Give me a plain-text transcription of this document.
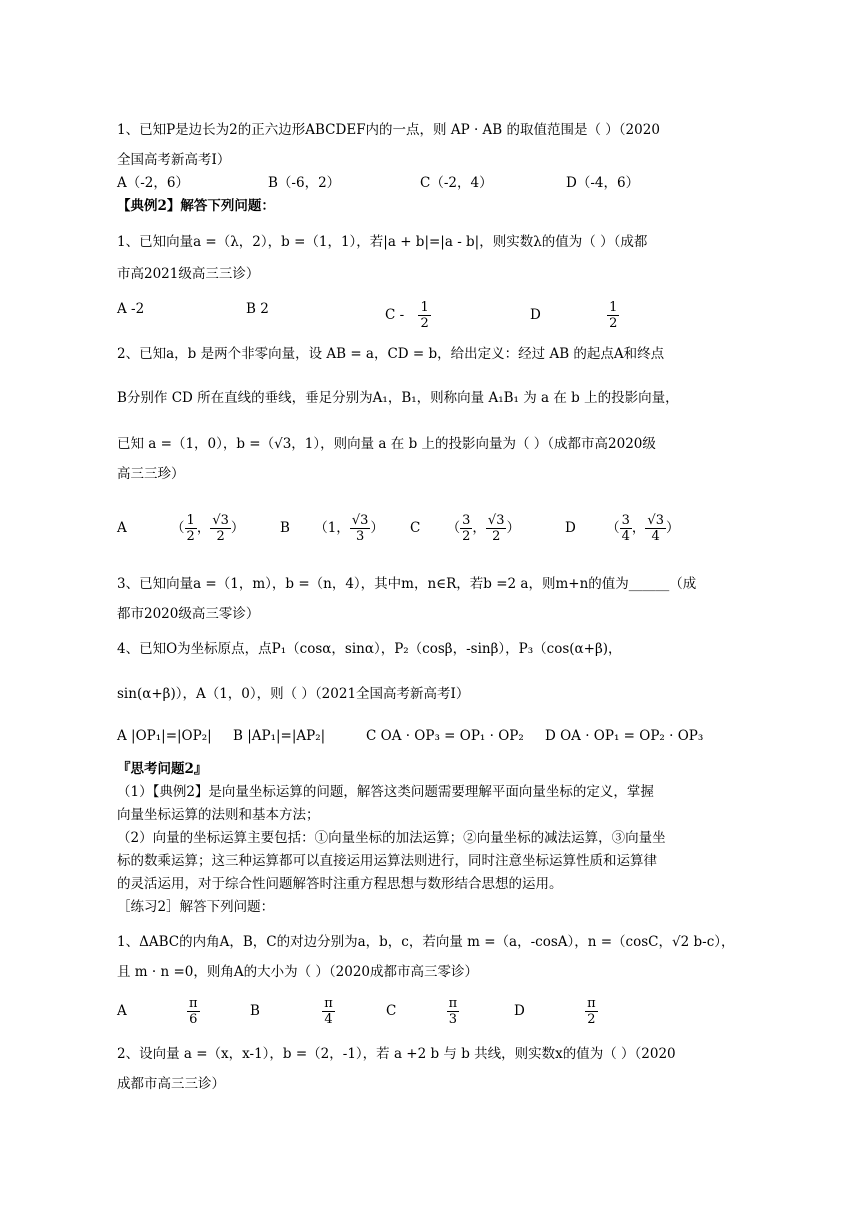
1、已知P是边长为2的正六边形ABCDEF内的一点，则 AP · AB 的取值范围是（ ）（2020
全国高考新高考I）
A（-2，6）	B（-6，2）	C（-2，4）	D（-4，6）
【典例2】解答下列问题：
1、已知向量a =（λ，2），b =（1，1），若|a + b|=|a - b|，则实数λ的值为（ ）（成都
市高2021级高三三诊）
A -2	B 2	C - $\frac{1}{2}$	D	$\frac{1}{2}$
2、已知a，b 是两个非零向量，设 AB = a，CD = b，给出定义：经过 AB 的起点A和终点
B分别作 CD 所在直线的垂线，垂足分别为A₁，B₁，则称向量 A₁B₁ 为 a 在 b 上的投影向量，
已知 a =（1，0），b =（√3，1），则向量 a 在 b 上的投影向量为（ ）（成都市高2020级
高三三珍）
A	（ $\frac{1}{2}$ ， $\frac{√3}{2}$ ）	B （1， $\frac{√3}{3}$ ） C （ $\frac{3}{2}$ ， $\frac{√3}{2}$ ）	D （ $\frac{3}{4}$ ， $\frac{√3}{4}$ ）
3、已知向量a =（1，m），b =（n，4），其中m，n∈R，若b =2 a，则m+n的值为______（成
都市2020级高三零诊）
4、已知O为坐标原点，点P₁（cosα，sinα），P₂（cosβ，-sinβ），P₃（cos(α+β)，
sin(α+β)），A（1，0），则（ ）（2021全国高考新高考I）
A |OP₁|=|OP₂| B |AP₁|=|AP₂|	C OA · OP₃ = OP₁ · OP₂ D OA · OP₁ = OP₂ · OP₃
『思考问题2』
（1）【典例2】是向量坐标运算的问题，解答这类问题需要理解平面向量坐标的定义，掌握
向量坐标运算的法则和基本方法；
（2）向量的坐标运算主要包括：①向量坐标的加法运算；②向量坐标的减法运算，③向量坐
标的数乘运算；这三种运算都可以直接运用运算法则进行，同时注意坐标运算性质和运算律
的灵活运用，对于综合性问题解答时注重方程思想与数形结合思想的运用。
［练习2］解答下列问题：
1、ΔABC的内角A，B，C的对边分别为a，b，c，若向量 m =（a，-cosA），n =（cosC，√2 b-c），
且 m · n =0，则角A的大小为（ ）（2020成都市高三零诊）
A	$\frac{\pi}{6}$	B	$\frac{\pi}{4}$	C	$\frac{\pi}{3}$	D	$\frac{\pi}{2}$
2、设向量 a =（x，x-1），b =（2，-1），若 a +2 b 与 b 共线，则实数x的值为（ ）（2020
成都市高三三诊）
